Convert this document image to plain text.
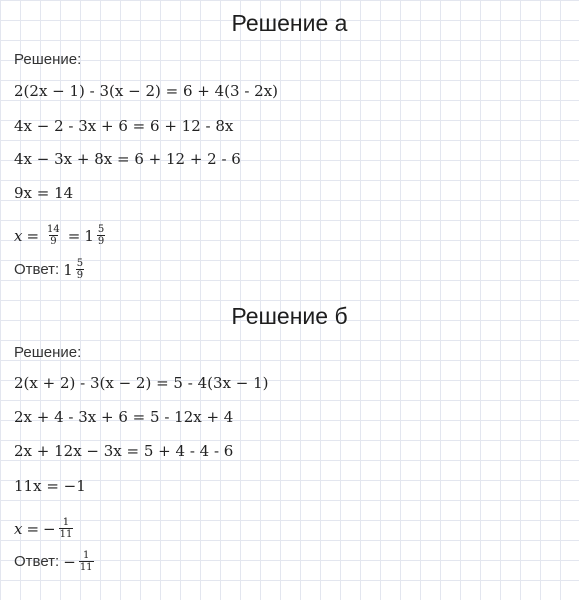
Решение а
Решение:
2(2x − 1) - 3(x − 2) = 6 + 4(3 - 2x)
4x − 2 - 3x + 6 = 6 + 12 - 8x
4x − 3x + 8x = 6 + 12 + 2 - 6
9x = 14
$x = \frac{14}{9} = 1 \frac{5}{9}$
Ответ: $1 \frac{5}{9}$
Решение б
Решение:
2(x + 2) - 3(x − 2) = 5 - 4(3x − 1)
2x + 4 - 3x + 6 = 5 - 12x + 4
2x + 12x − 3x = 5 + 4 - 4 - 6
11x = −1
x = − $\frac{1}{11}$
Ответ: − $\frac{1}{11}$
